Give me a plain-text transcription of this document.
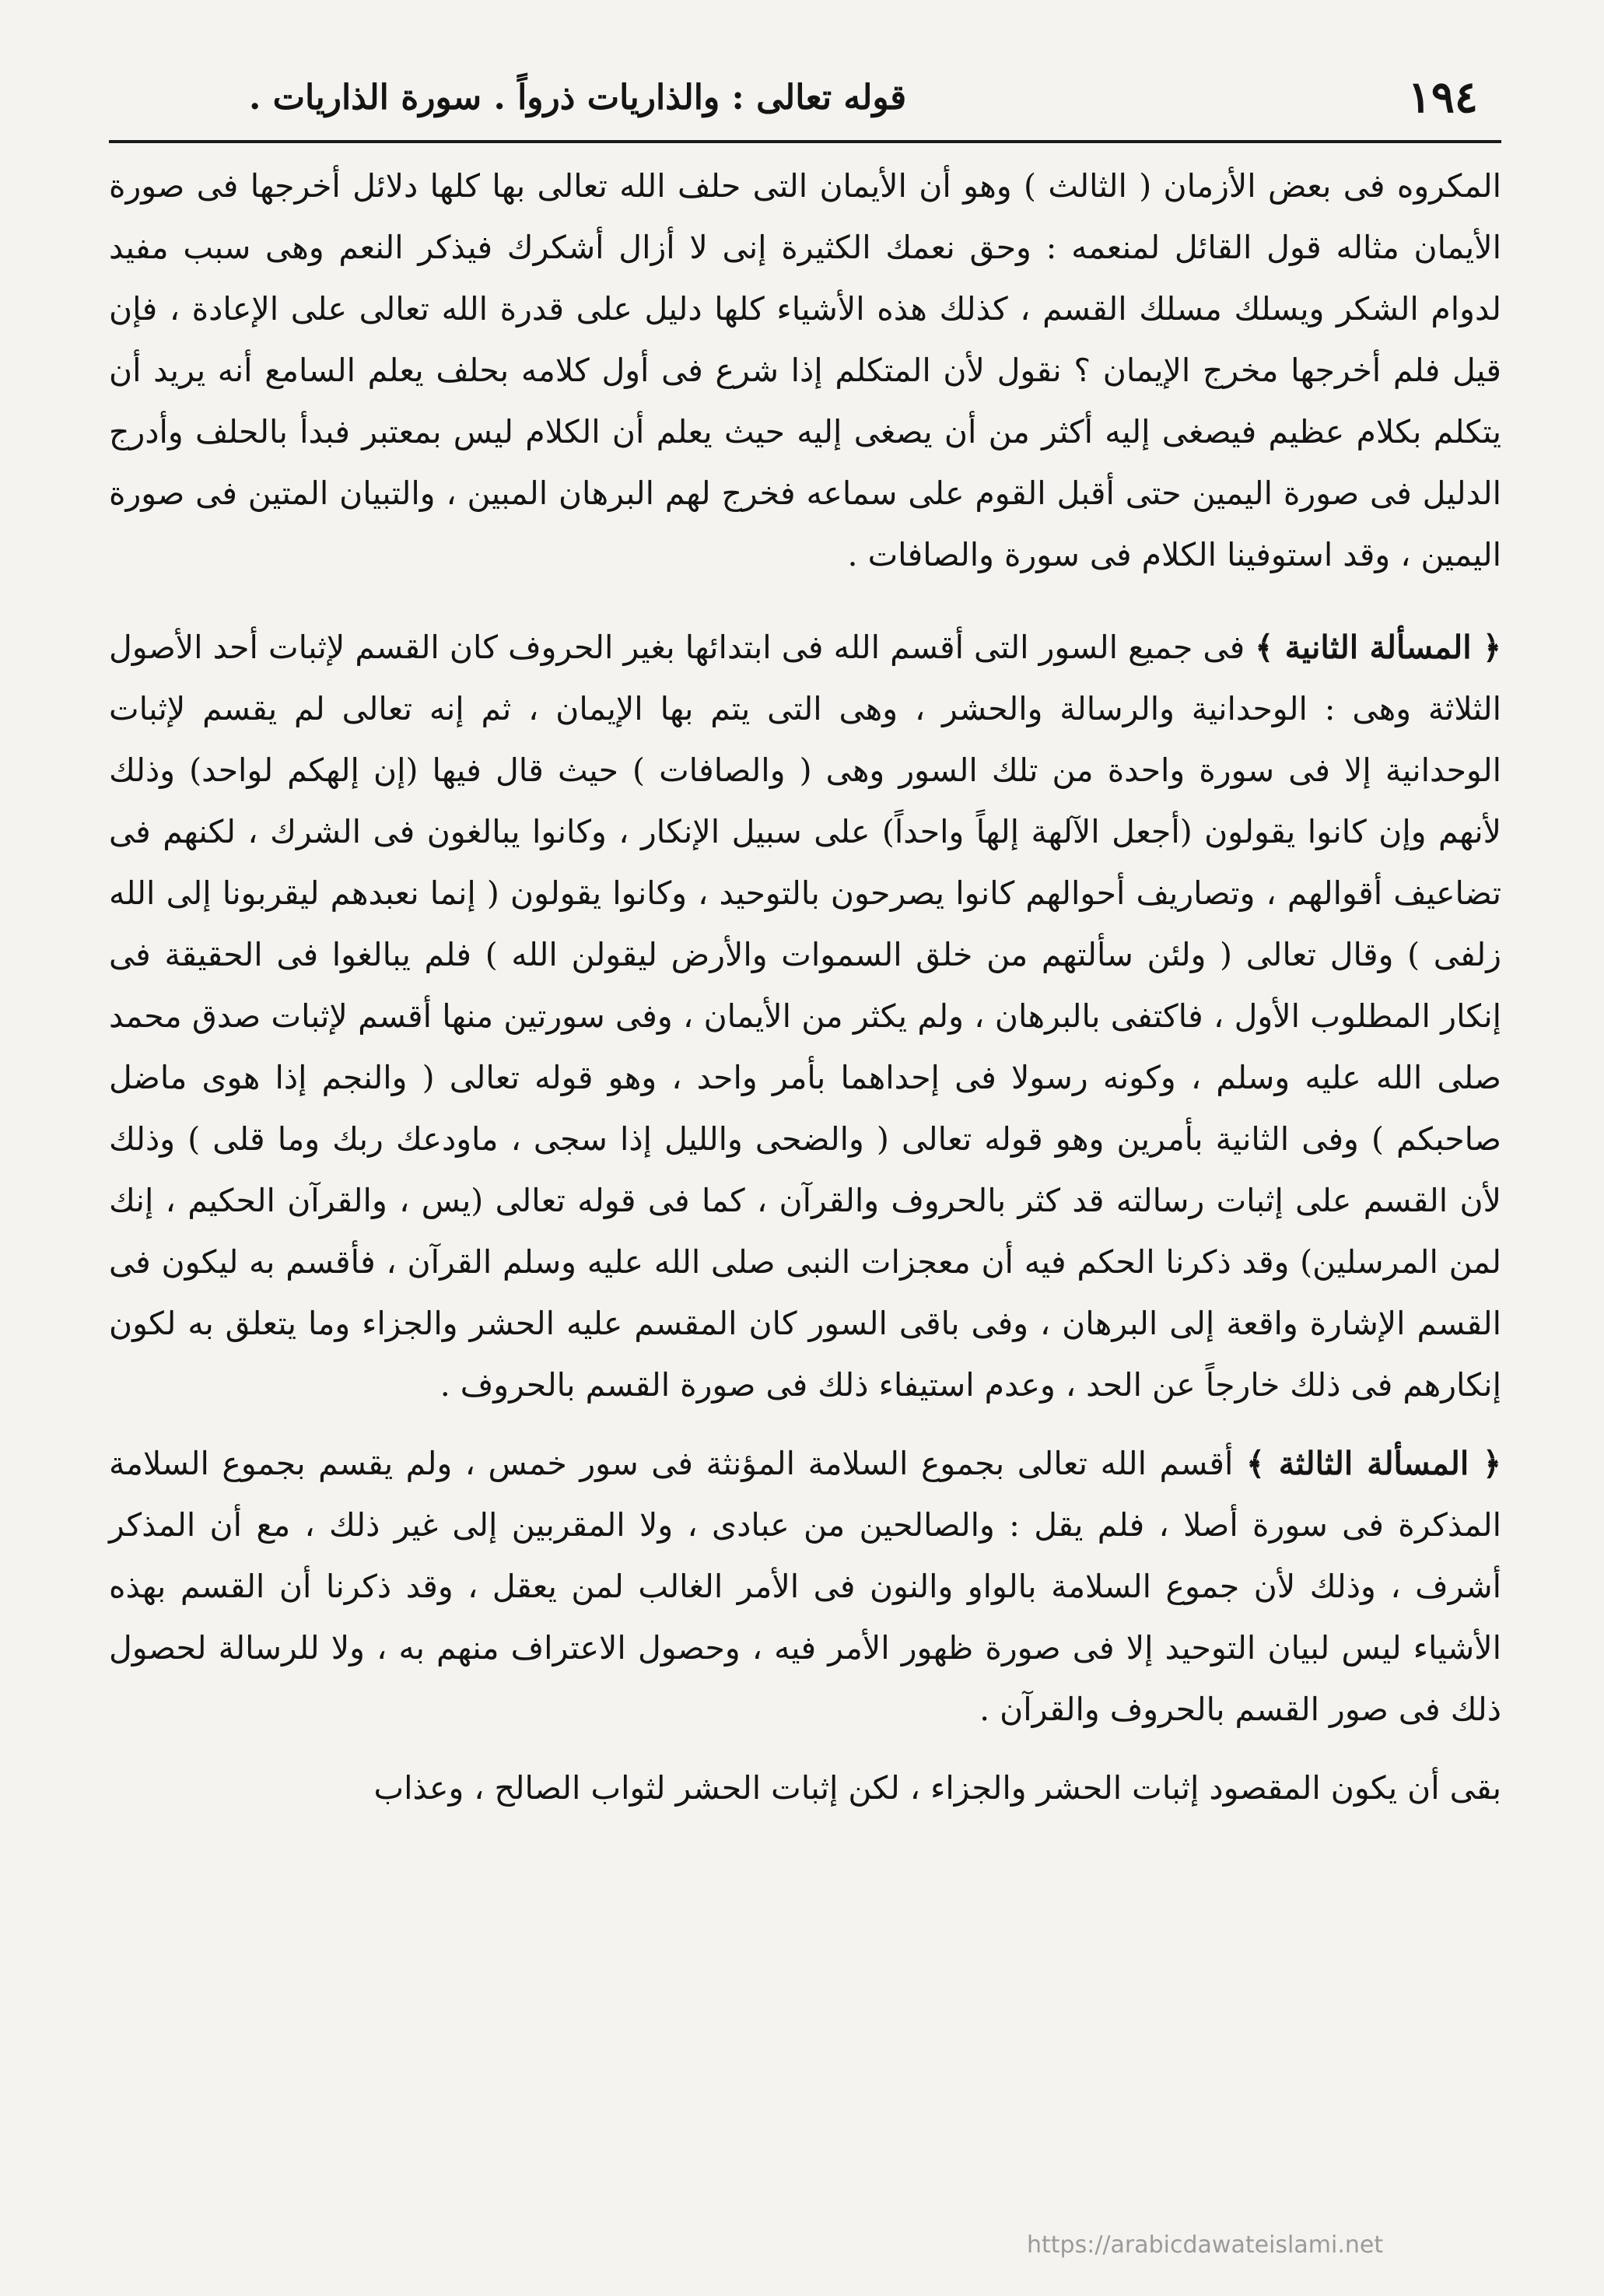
١٩٤
قوله تعالى : والذاريات ذرواً . سورة الذاريات .

المكروه فى بعض الأزمان ( الثالث ) وهو أن الأيمان التى حلف الله تعالى بها كلها دلائل أخرجها فى صورة الأيمان مثاله قول القائل لمنعمه : وحق نعمك الكثيرة إنى لا أزال أشكرك فيذكر النعم وهى سبب مفيد لدوام الشكر ويسلك مسلك القسم ، كذلك هذه الأشياء كلها دليل على قدرة الله تعالى على الإعادة ، فإن قيل فلم أخرجها مخرج الإيمان ؟ نقول لأن المتكلم إذا شرع فى أول كلامه بحلف يعلم السامع أنه يريد أن يتكلم بكلام عظيم فيصغى إليه أكثر من أن يصغى إليه حيث يعلم أن الكلام ليس بمعتبر فبدأ بالحلف وأدرج الدليل فى صورة اليمين حتى أقبل القوم على سماعه فخرج لهم البرهان المبين ، والتبيان المتين فى صورة اليمين ، وقد استوفينا الكلام فى سورة والصافات .

﴿ المسألة الثانية ﴾ فى جميع السور التى أقسم الله فى ابتدائها بغير الحروف كان القسم لإثبات أحد الأصول الثلاثة وهى : الوحدانية والرسالة والحشر ، وهى التى يتم بها الإيمان ، ثم إنه تعالى لم يقسم لإثبات الوحدانية إلا فى سورة واحدة من تلك السور وهى ( والصافات ) حيث قال فيها (إن إلهكم لواحد) وذلك لأنهم وإن كانوا يقولون (أجعل الآلهة إلهاً واحداً) على سبيل الإنكار ، وكانوا يبالغون فى الشرك ، لكنهم فى تضاعيف أقوالهم ، وتصاريف أحوالهم كانوا يصرحون بالتوحيد ، وكانوا يقولون ( إنما نعبدهم ليقربونا إلى الله زلفى ) وقال تعالى ( ولئن سألتهم من خلق السموات والأرض ليقولن الله ) فلم يبالغوا فى الحقيقة فى إنكار المطلوب الأول ، فاكتفى بالبرهان ، ولم يكثر من الأيمان ، وفى سورتين منها أقسم لإثبات صدق محمد صلى الله عليه وسلم ، وكونه رسولا فى إحداهما بأمر واحد ، وهو قوله تعالى ( والنجم إذا هوى ماضل صاحبكم ) وفى الثانية بأمرين وهو قوله تعالى ( والضحى والليل إذا سجى ، ماودعك ربك وما قلى ) وذلك لأن القسم على إثبات رسالته قد كثر بالحروف والقرآن ، كما فى قوله تعالى (يس ، والقرآن الحكيم ، إنك لمن المرسلين) وقد ذكرنا الحكم فيه أن معجزات النبى صلى الله عليه وسلم القرآن ، فأقسم به ليكون فى القسم الإشارة واقعة إلى البرهان ، وفى باقى السور كان المقسم عليه الحشر والجزاء وما يتعلق به لكون إنكارهم فى ذلك خارجاً عن الحد ، وعدم استيفاء ذلك فى صورة القسم بالحروف .

﴿ المسألة الثالثة ﴾ أقسم الله تعالى بجموع السلامة المؤنثة فى سور خمس ، ولم يقسم بجموع السلامة المذكرة فى سورة أصلا ، فلم يقل : والصالحين من عبادى ، ولا المقربين إلى غير ذلك ، مع أن المذكر أشرف ، وذلك لأن جموع السلامة بالواو والنون فى الأمر الغالب لمن يعقل ، وقد ذكرنا أن القسم بهذه الأشياء ليس لبيان التوحيد إلا فى صورة ظهور الأمر فيه ، وحصول الاعتراف منهم به ، ولا للرسالة لحصول ذلك فى صور القسم بالحروف والقرآن .

بقى أن يكون المقصود إثبات الحشر والجزاء ، لكن إثبات الحشر لثواب الصالح ، وعذاب

https://arabicdawateislami.net
